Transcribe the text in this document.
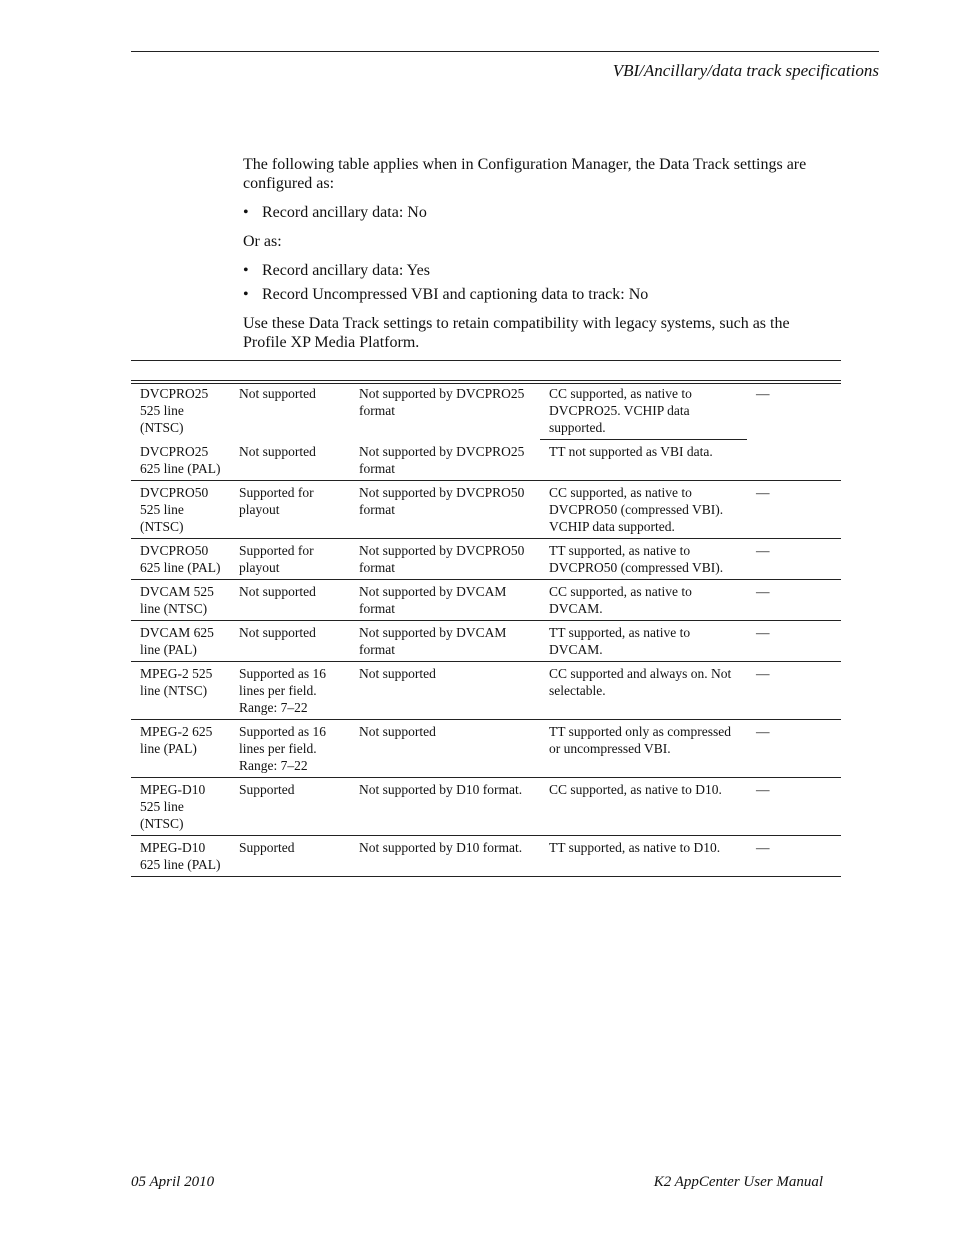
VBI/Ancillary/data track specifications

The following table applies when in Configuration Manager, the Data Track settings are configured as:

• Record ancillary data: No

Or as:

• Record ancillary data: Yes
• Record Uncompressed VBI and captioning data to track: No

Use these Data Track settings to retain compatibility with legacy systems, such as the Profile XP Media Platform.

DVCPRO25 525 line (NTSC)	Not supported	Not supported by DVCPRO25 format	CC supported, as native to DVCPRO25. VCHIP data supported.	—
DVCPRO25 625 line (PAL)	Not supported	Not supported by DVCPRO25 format	TT not supported as VBI data.	
DVCPRO50 525 line (NTSC)	Supported for playout	Not supported by DVCPRO50 format	CC supported, as native to DVCPRO50 (compressed VBI). VCHIP data supported.	—
DVCPRO50 625 line (PAL)	Supported for playout	Not supported by DVCPRO50 format	TT supported, as native to DVCPRO50 (compressed VBI).	—
DVCAM 525 line (NTSC)	Not supported	Not supported by DVCAM format	CC supported, as native to DVCAM.	—
DVCAM 625 line (PAL)	Not supported	Not supported by DVCAM format	TT supported, as native to DVCAM.	—
MPEG-2 525 line (NTSC)	Supported as 16 lines per field. Range: 7–22	Not supported	CC supported and always on. Not selectable.	—
MPEG-2 625 line (PAL)	Supported as 16 lines per field. Range: 7–22	Not supported	TT supported only as compressed or uncompressed VBI.	—
MPEG-D10 525 line (NTSC)	Supported	Not supported by D10 format.	CC supported, as native to D10.	—
MPEG-D10 625 line (PAL)	Supported	Not supported by D10 format.	TT supported, as native to D10.	—
05 April 2010	K2 AppCenter User Manual
